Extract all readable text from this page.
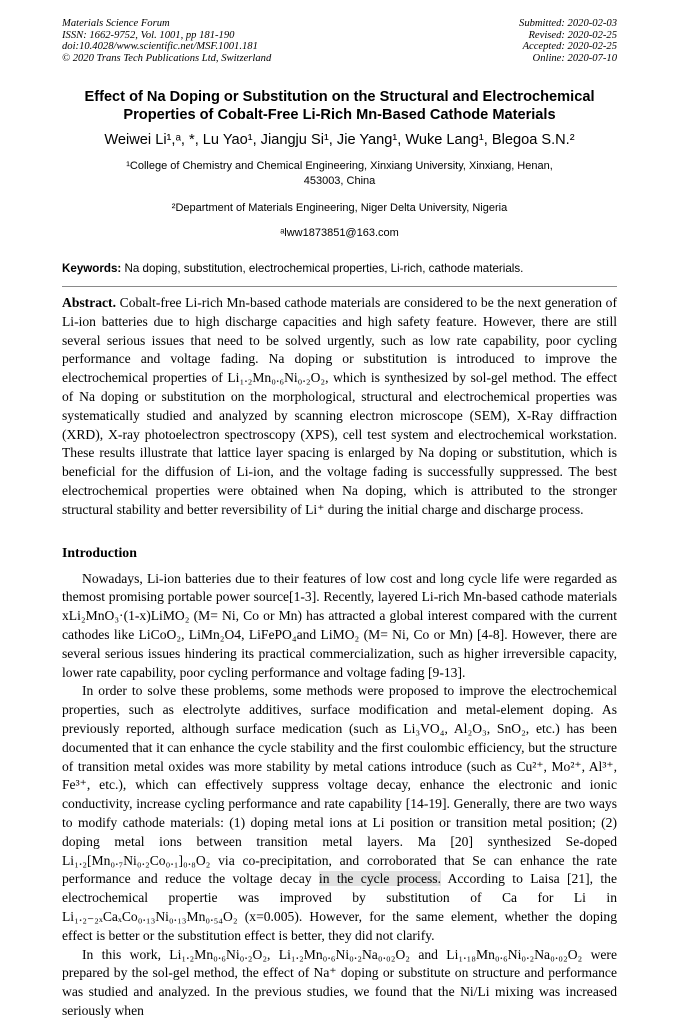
Materials Science Forum
ISSN: 1662-9752, Vol. 1001, pp 181-190
doi:10.4028/www.scientific.net/MSF.1001.181
© 2020 Trans Tech Publications Ltd, Switzerland
Submitted: 2020-02-03
Revised: 2020-02-25
Accepted: 2020-02-25
Online: 2020-07-10
Effect of Na Doping or Substitution on the Structural and Electrochemical Properties of Cobalt-Free Li-Rich Mn-Based Cathode Materials
Weiwei Li¹,ᵃ, *, Lu Yao¹, Jiangju Si¹, Jie Yang¹, Wuke Lang¹, Blegoa S.N.²
¹College of Chemistry and Chemical Engineering, Xinxiang University, Xinxiang, Henan, 453003, China
²Department of Materials Engineering, Niger Delta University, Nigeria
ᵃlww1873851@163.com

Keywords: Na doping, substitution, electrochemical properties, Li-rich, cathode materials.

Abstract. Cobalt-free Li-rich Mn-based cathode materials are considered to be the next generation of Li-ion batteries due to high discharge capacities and high safety feature. However, there are still several serious issues that need to be solved urgently, such as low rate capability, poor cycling performance and voltage fading. Na doping or substitution is introduced to improve the electrochemical properties of Li₁.₂Mn₀.₆Ni₀.₂O₂, which is synthesized by sol-gel method. The effect of Na doping or substitution on the morphological, structural and electrochemical properties was systematically studied and analyzed by scanning electron microscope (SEM), X-Ray diffraction (XRD), X-ray photoelectron spectroscopy (XPS), cell test system and electrochemical workstation. These results illustrate that lattice layer spacing is enlarged by Na doping or substitution, which is beneficial for the diffusion of Li-ion, and the voltage fading is successfully suppressed. The best electrochemical properties were obtained when Na doping, which is attributed to the stronger structural stability and better reversibility of Li⁺ during the initial charge and discharge process.

Introduction

Nowadays, Li-ion batteries due to their features of low cost and long cycle life were regarded as themost promising portable power source[1-3]. Recently, layered Li-rich Mn-based cathode materials xLi₂MnO₃·(1-x)LiMO₂ (M= Ni, Co or Mn) has attracted a global interest compared with the current cathodes like LiCoO₂, LiMn₂O4, LiFePO₄and LiMO₂ (M= Ni, Co or Mn) [4-8]. However, there are several serious issues hindering its practical commercialization, such as higher irreversible capacity, lower rate capability, poor cycling performance and voltage fading [9-13].

In order to solve these problems, some methods were proposed to improve the electrochemical properties, such as electrolyte additives, surface modification and metal-element doping. As previously reported, although surface medication (such as Li₃VO₄, Al₂O₃, SnO₂, etc.) has been documented that it can enhance the cycle stability and the first coulombic efficiency, but the structure of transition metal oxides was more stability by metal cations introduce (such as Cu²⁺, Mo²⁺, Al³⁺, Fe³⁺, etc.), which can effectively suppress voltage decay, enhance the electronic and ionic conductivity, increase cycling performance and rate capability [14-19]. Generally, there are two ways to modify cathode materials: (1) doping metal ions at Li position or transition metal position; (2) doping metal ions between transition metal layers. Ma [20] synthesized Se-doped Li₁.₂[Mn₀.₇Ni₀.₂Co₀.₁]₀.₈O₂ via co-precipitation, and corroborated that Se can enhance the rate performance and reduce the voltage decay in the cycle process. According to Laisa [21], the electrochemical propertie was improved by substitution of Ca for Li in Li₁.₂₋₂ₓCaₓCo₀.₁₃Ni₀.₁₃Mn₀.₅₄O₂ (x=0.005). However, for the same element, whether the doping effect is better or the substitution effect is better, they did not clarify.

In this work, Li₁.₂Mn₀.₆Ni₀.₂O₂, Li₁.₂Mn₀.₆Ni₀.₂Na₀.₀₂O₂ and Li₁.₁₈Mn₀.₆Ni₀.₂Na₀.₀₂O₂ were prepared by the sol-gel method, the effect of Na⁺ doping or substitute on structure and performance was studied and analyzed. In the previous studies, we found that the Ni/Li mixing was increased seriously when
